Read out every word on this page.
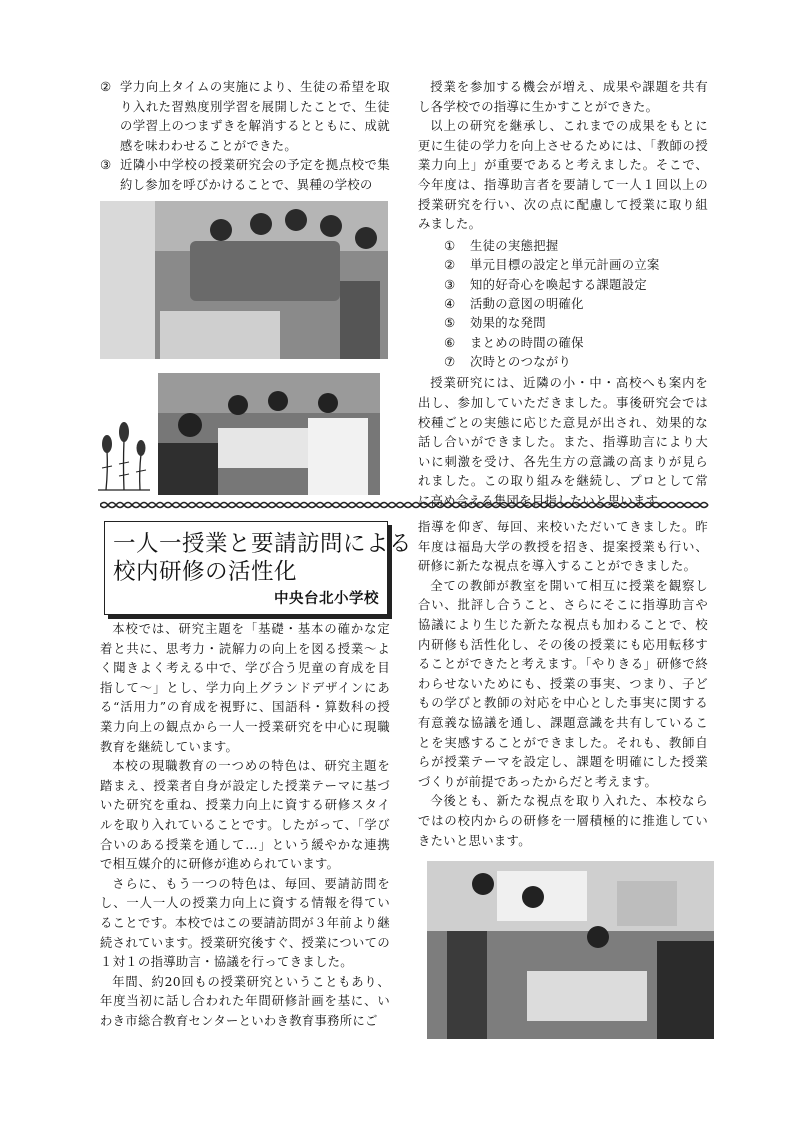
② 学力向上タイムの実施により、生徒の希望を取り入れた習熟度別学習を展開したことで、生徒の学習上のつまずきを解消するとともに、成就感を味わわせることができた。
③ 近隣小中学校の授業研究会の予定を拠点校で集約し参加を呼びかけることで、異種の学校の

授業を参加する機会が増え、成果や課題を共有し各学校での指導に生かすことができた。

以上の研究を継承し、これまでの成果をもとに更に生徒の学力を向上させるためには、「教師の授業力向上」が重要であると考えました。そこで、今年度は、指導助言者を要請して一人１回以上の授業研究を行い、次の点に配慮して授業に取り組みました。

①	生徒の実態把握
②	単元目標の設定と単元計画の立案
③	知的好奇心を喚起する課題設定
④	活動の意図の明確化
⑤	効果的な発問
⑥	まとめの時間の確保
⑦	次時とのつながり

授業研究には、近隣の小・中・高校へも案内を出し、参加していただきました。事後研究会では校種ごとの実態に応じた意見が出され、効果的な話し合いができました。また、指導助言により大いに刺激を受け、各先生方の意識の高まりが見られました。この取り組みを継続し、プロとして常に高め合える集団を目指したいと思います。

一人一授業と要請訪問による
校内研修の活性化
中央台北小学校

本校では、研究主題を「基礎・基本の確かな定着と共に、思考力・読解力の向上を図る授業～よく聞きよく考える中で、学び合う児童の育成を目指して～」とし、学力向上グランドデザインにある“活用力”の育成を視野に、国語科・算数科の授業力向上の観点から一人一授業研究を中心に現職教育を継続しています。

本校の現職教育の一つめの特色は、研究主題を踏まえ、授業者自身が設定した授業テーマに基づいた研究を重ね、授業力向上に資する研修スタイルを取り入れていることです。したがって、「学び合いのある授業を通して…」という緩やかな連携で相互媒介的に研修が進められています。

さらに、もう一つの特色は、毎回、要請訪問をし、一人一人の授業力向上に資する情報を得ていることです。本校ではこの要請訪問が３年前より継続されています。授業研究後すぐ、授業についての１対１の指導助言・協議を行ってきました。

年間、約20回もの授業研究ということもあり、年度当初に話し合われた年間研修計画を基に、いわき市総合教育センターといわき教育事務所にご

指導を仰ぎ、毎回、来校いただいてきました。昨年度は福島大学の教授を招き、提案授業も行い、研修に新たな視点を導入することができました。

全ての教師が教室を開いて相互に授業を観察し合い、批評し合うこと、さらにそこに指導助言や協議により生じた新たな視点も加わることで、校内研修も活性化し、その後の授業にも応用転移することができたと考えます。「やりきる」研修で終わらせないためにも、授業の事実、つまり、子どもの学びと教師の対応を中心とした事実に関する有意義な協議を通し、課題意識を共有していることを実感することができました。それも、教師自らが授業テーマを設定し、課題を明確にした授業づくりが前提であったからだと考えます。

今後とも、新たな視点を取り入れた、本校ならではの校内からの研修を一層積極的に推進していきたいと思います。
